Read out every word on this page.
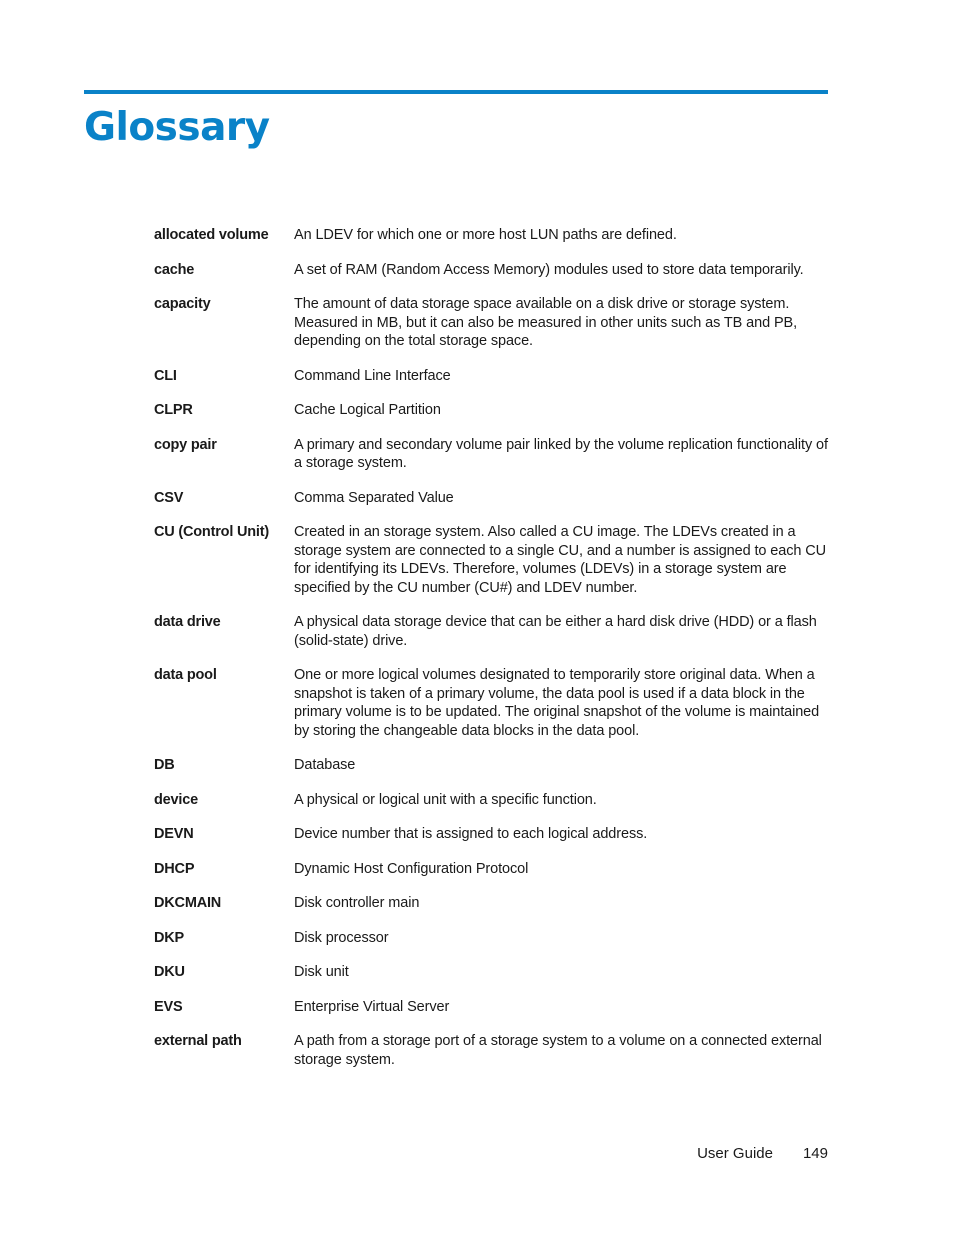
Glossary
allocated volume	An LDEV for which one or more host LUN paths are defined.
cache	A set of RAM (Random Access Memory) modules used to store data temporarily.
capacity	The amount of data storage space available on a disk drive or storage system. Measured in MB, but it can also be measured in other units such as TB and PB, depending on the total storage space.
CLI	Command Line Interface
CLPR	Cache Logical Partition
copy pair	A primary and secondary volume pair linked by the volume replication functionality of a storage system.
CSV	Comma Separated Value
CU (Control Unit)	Created in an storage system. Also called a CU image. The LDEVs created in a storage system are connected to a single CU, and a number is assigned to each CU for identifying its LDEVs. Therefore, volumes (LDEVs) in a storage system are specified by the CU number (CU#) and LDEV number.
data drive	A physical data storage device that can be either a hard disk drive (HDD) or a flash (solid-state) drive.
data pool	One or more logical volumes designated to temporarily store original data. When a snapshot is taken of a primary volume, the data pool is used if a data block in the primary volume is to be updated. The original snapshot of the volume is maintained by storing the changeable data blocks in the data pool.
DB	Database
device	A physical or logical unit with a specific function.
DEVN	Device number that is assigned to each logical address.
DHCP	Dynamic Host Configuration Protocol
DKCMAIN	Disk controller main
DKP	Disk processor
DKU	Disk unit
EVS	Enterprise Virtual Server
external path	A path from a storage port of a storage system to a volume on a connected external storage system.
User Guide 149
